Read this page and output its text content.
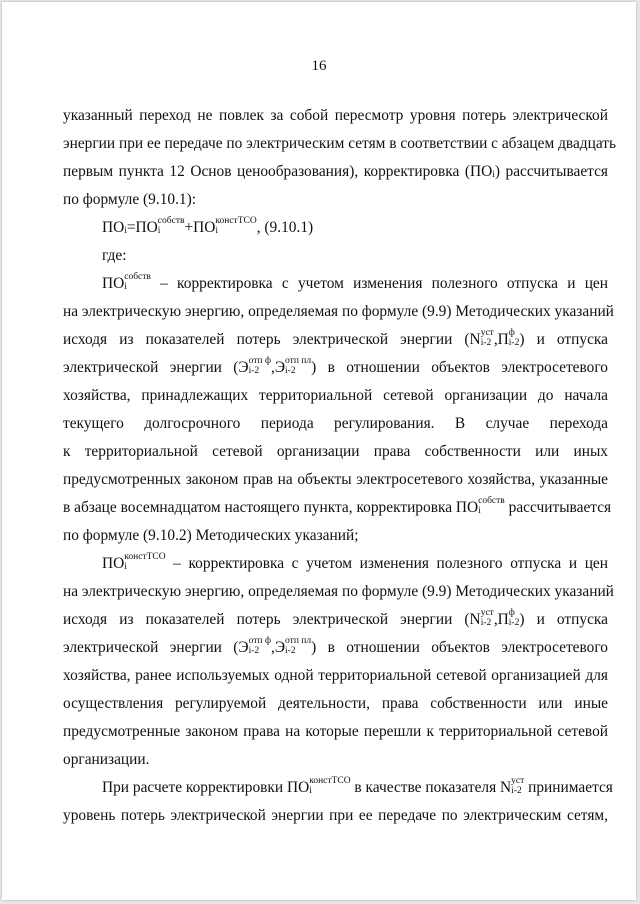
16
указанный переход не повлек за собой пересмотр уровня потерь электрической
энергии при ее передаче по электрическим сетям в соответствии с абзацем двадцать
первым пункта 12 Основ ценообразования), корректировка (ПО
i ) рассчитывается
по формуле (9.10.1):
ПО
i =ПО собств
i	+ПО констТСО
i	, (9.10.1)
где:
ПО собств
i	– корректировка с учетом изменения полезного отпуска и цен
на электрическую энергию, определяемая по формуле (9.9) Методических указаний
исходя из показателей потерь электрической энергии (N уст
i-2 ,П ф
i-2 ) и отпуска
электрической энергии (Э отп ф
i-2 ,Э отп пл
i-2	) в отношении объектов электросетевого
хозяйства, принадлежащих территориальной сетевой организации до начала
текущего долгосрочного периода регулирования. В случае перехода
к территориальной сетевой организации права собственности или иных
предусмотренных законом прав на объекты электросетевого хозяйства, указанные
в абзаце восемнадцатом настоящего пункта, корректировка ПО собств
i	рассчитывается
по формуле (9.10.2) Методических указаний;
ПО констТСО
i	– корректировка с учетом изменения полезного отпуска и цен
на электрическую энергию, определяемая по формуле (9.9) Методических указаний
исходя из показателей потерь электрической энергии (N уст
i-2 ,П ф
i-2 ) и отпуска
электрической энергии (Э отп ф
i-2 ,Э отп пл
i-2	) в отношении объектов электросетевого
хозяйства, ранее используемых одной территориальной сетевой организацией для
осуществления регулируемой деятельности, права собственности или иные
предусмотренные законом права на которые перешли к территориальной сетевой
организации.
При расчете корректировки ПО констТСО
i	в качестве показателя N уст
i-2 принимается
уровень потерь электрической энергии при ее передаче по электрическим сетям,
